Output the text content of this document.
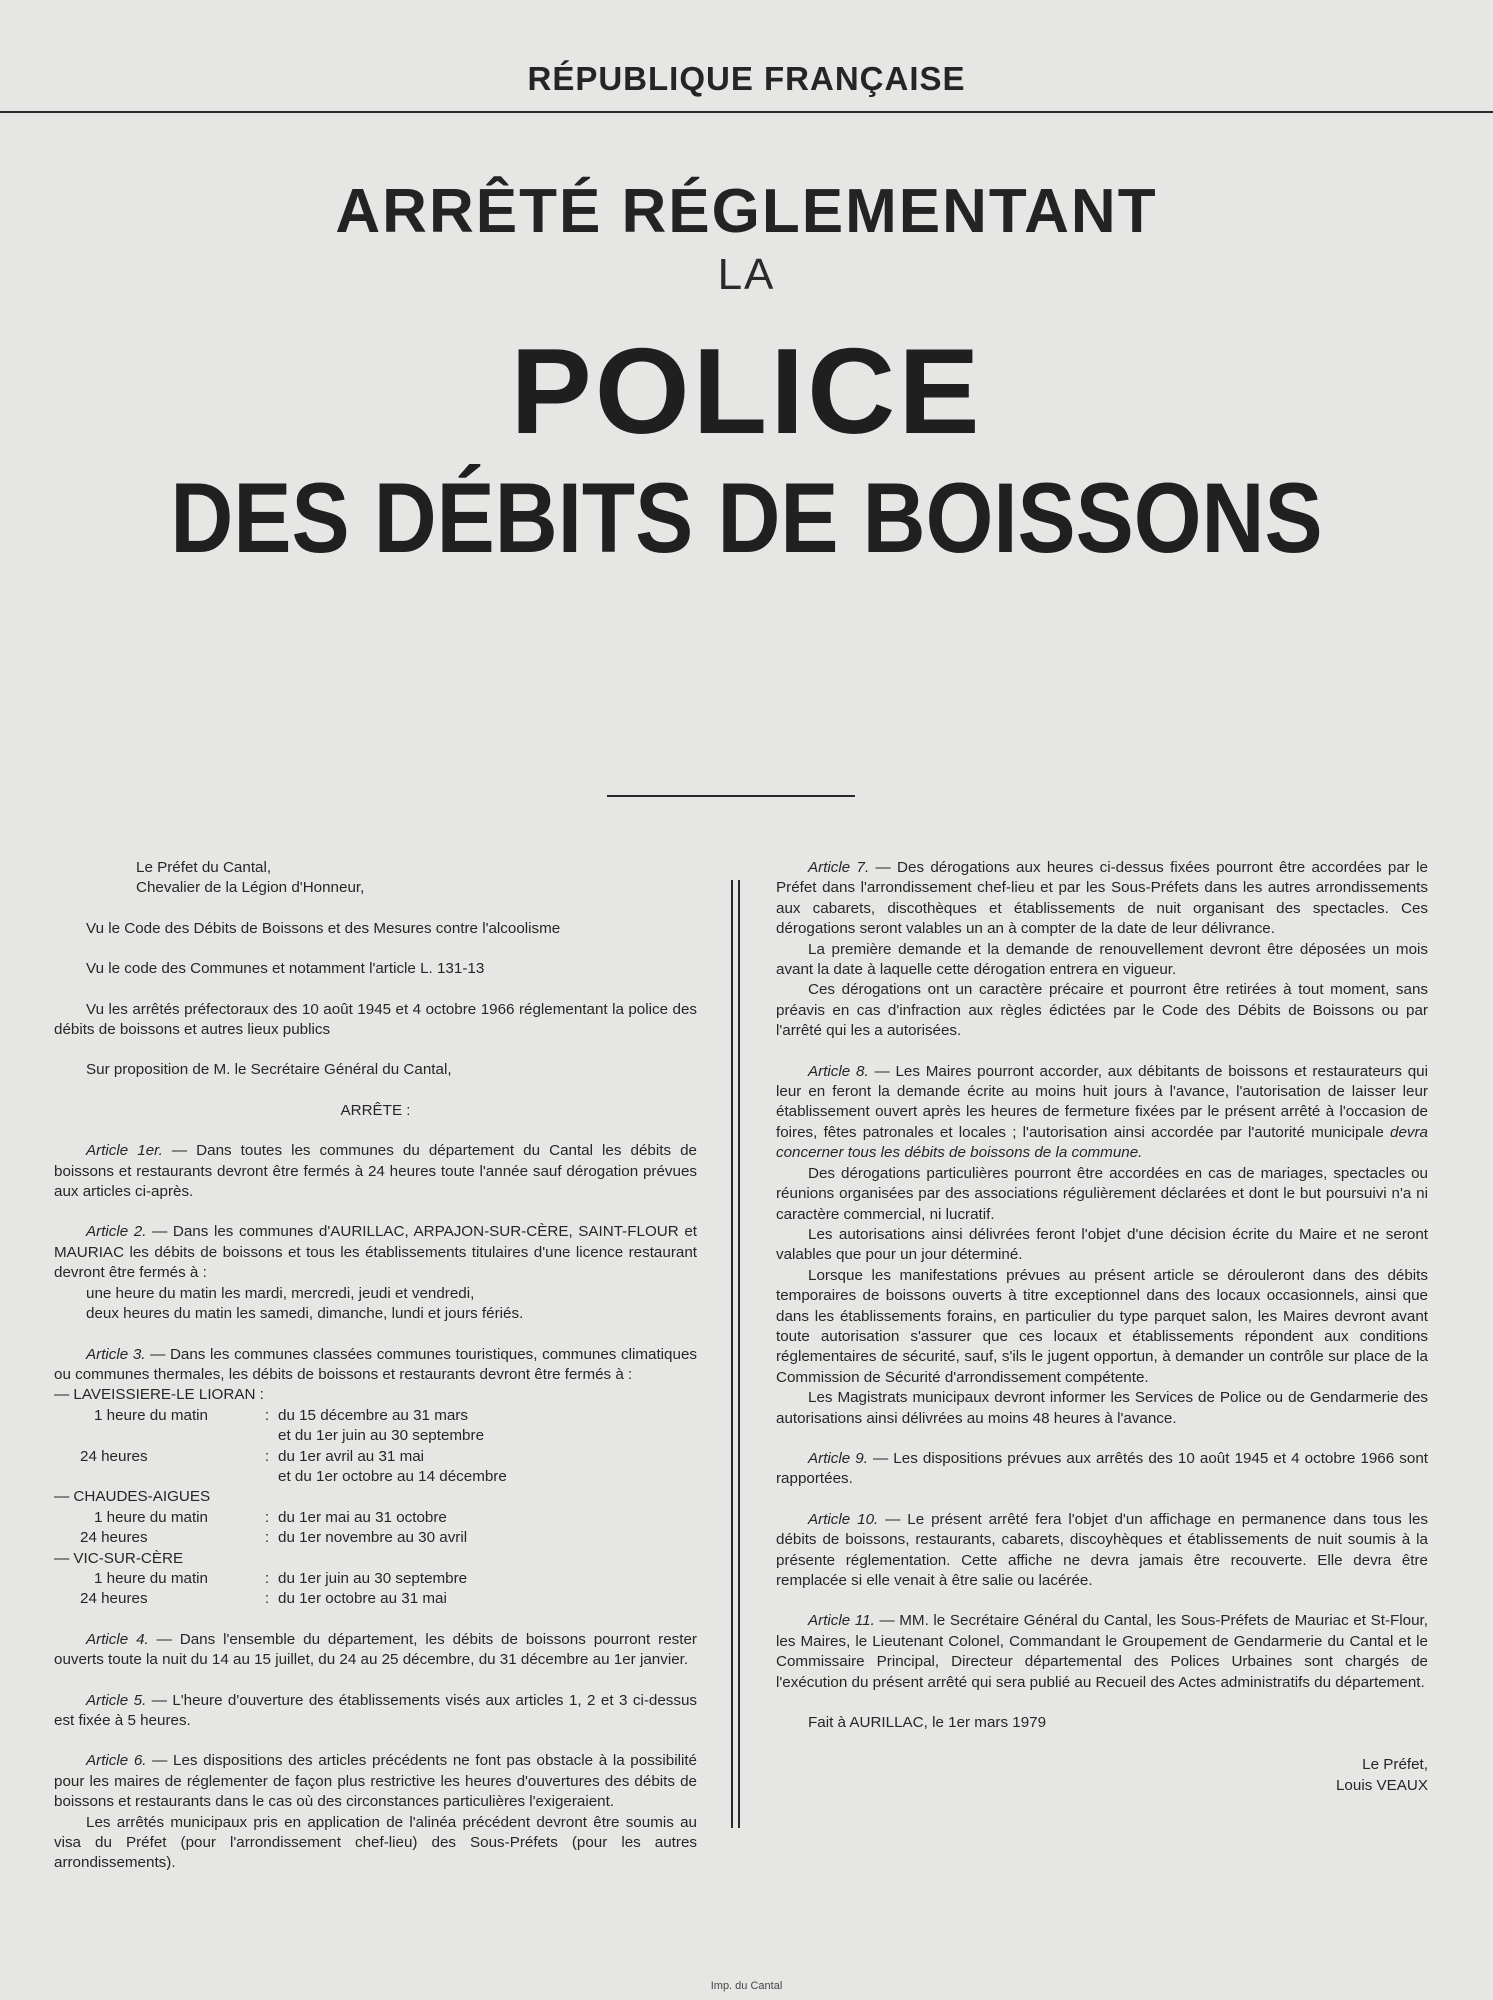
RÉPUBLIQUE FRANÇAISE
ARRÊTÉ RÉGLEMENTANT
LA
POLICE
DES DÉBITS DE BOISSONS

Le Préfet du Cantal,

Chevalier de la Légion d'Honneur,

Vu le Code des Débits de Boissons et des Mesures contre l'alcoolisme

Vu le code des Communes et notamment l'article L. 131-13

Vu les arrêtés préfectoraux des 10 août 1945 et 4 octobre 1966 réglementant la police des débits de boissons et autres lieux publics

Sur proposition de M. le Secrétaire Général du Cantal,

ARRÊTE :

Article 1er. — Dans toutes les communes du département du Cantal les débits de boissons et restaurants devront être fermés à 24 heures toute l'année sauf dérogation prévues aux articles ci-après.

Article 2. — Dans les communes d'AURILLAC, ARPAJON-SUR-CÈRE, SAINT-FLOUR et MAURIAC les débits de boissons et tous les établissements titulaires d'une licence restaurant devront être fermés à :

une heure du matin les mardi, mercredi, jeudi et vendredi,

deux heures du matin les samedi, dimanche, lundi et jours fériés.

Article 3. — Dans les communes classées communes touristiques, communes climatiques ou communes thermales, les débits de boissons et restaurants devront être fermés à :

— LAVEISSIERE-LE LIORAN :		
1 heure du matin	:	du 15 décembre au 31 mars
		et du 1er juin au 30 septembre
24 heures	:	du 1er avril au 31 mai
		et du 1er octobre au 14 décembre
— CHAUDES-AIGUES		
1 heure du matin	:	du 1er mai au 31 octobre
24 heures	:	du 1er novembre au 30 avril
— VIC-SUR-CÈRE		
1 heure du matin	:	du 1er juin au 30 septembre
24 heures	:	du 1er octobre au 31 mai

Article 4. — Dans l'ensemble du département, les débits de boissons pourront rester ouverts toute la nuit du 14 au 15 juillet, du 24 au 25 décembre, du 31 décembre au 1er janvier.

Article 5. — L'heure d'ouverture des établissements visés aux articles 1, 2 et 3 ci-dessus est fixée à 5 heures.

Article 6. — Les dispositions des articles précédents ne font pas obstacle à la possibilité pour les maires de réglementer de façon plus restrictive les heures d'ouvertures des débits de boissons et restaurants dans le cas où des circonstances particulières l'exigeraient.

Les arrêtés municipaux pris en application de l'alinéa précédent devront être soumis au visa du Préfet (pour l'arrondissement chef-lieu) des Sous-Préfets (pour les autres arrondissements).

Article 7. — Des dérogations aux heures ci-dessus fixées pourront être accordées par le Préfet dans l'arrondissement chef-lieu et par les Sous-Préfets dans les autres arrondissements aux cabarets, discothèques et établissements de nuit organisant des spectacles. Ces dérogations seront valables un an à compter de la date de leur délivrance.

La première demande et la demande de renouvellement devront être déposées un mois avant la date à laquelle cette dérogation entrera en vigueur.

Ces dérogations ont un caractère précaire et pourront être retirées à tout moment, sans préavis en cas d'infraction aux règles édictées par le Code des Débits de Boissons ou par l'arrêté qui les a autorisées.

Article 8. — Les Maires pourront accorder, aux débitants de boissons et restaurateurs qui leur en feront la demande écrite au moins huit jours à l'avance, l'autorisation de laisser leur établissement ouvert après les heures de fermeture fixées par le présent arrêté à l'occasion de foires, fêtes patronales et locales ; l'autorisation ainsi accordée par l'autorité municipale devra concerner tous les débits de boissons de la commune.

Des dérogations particulières pourront être accordées en cas de mariages, spectacles ou réunions organisées par des associations régulièrement déclarées et dont le but poursuivi n'a ni caractère commercial, ni lucratif.

Les autorisations ainsi délivrées feront l'objet d'une décision écrite du Maire et ne seront valables que pour un jour déterminé.

Lorsque les manifestations prévues au présent article se dérouleront dans des débits temporaires de boissons ouverts à titre exceptionnel dans des locaux occasionnels, ainsi que dans les établissements forains, en particulier du type parquet salon, les Maires devront avant toute autorisation s'assurer que ces locaux et établissements répondent aux conditions réglementaires de sécurité, sauf, s'ils le jugent opportun, à demander un contrôle sur place de la Commission de Sécurité d'arrondissement compétente.

Les Magistrats municipaux devront informer les Services de Police ou de Gendarmerie des autorisations ainsi délivrées au moins 48 heures à l'avance.

Article 9. — Les dispositions prévues aux arrêtés des 10 août 1945 et 4 octobre 1966 sont rapportées.

Article 10. — Le présent arrêté fera l'objet d'un affichage en permanence dans tous les débits de boissons, restaurants, cabarets, discoyhèques et établissements de nuit soumis à la présente réglementation. Cette affiche ne devra jamais être recouverte. Elle devra être remplacée si elle venait à être salie ou lacérée.

Article 11. — MM. le Secrétaire Général du Cantal, les Sous-Préfets de Mauriac et St-Flour, les Maires, le Lieutenant Colonel, Commandant le Groupement de Gendarmerie du Cantal et le Commissaire Principal, Directeur départemental des Polices Urbaines sont chargés de l'exécution du présent arrêté qui sera publié au Recueil des Actes administratifs du département.

Fait à AURILLAC, le 1er mars 1979

Le Préfet,

Louis VEAUX

Imp. du Cantal
